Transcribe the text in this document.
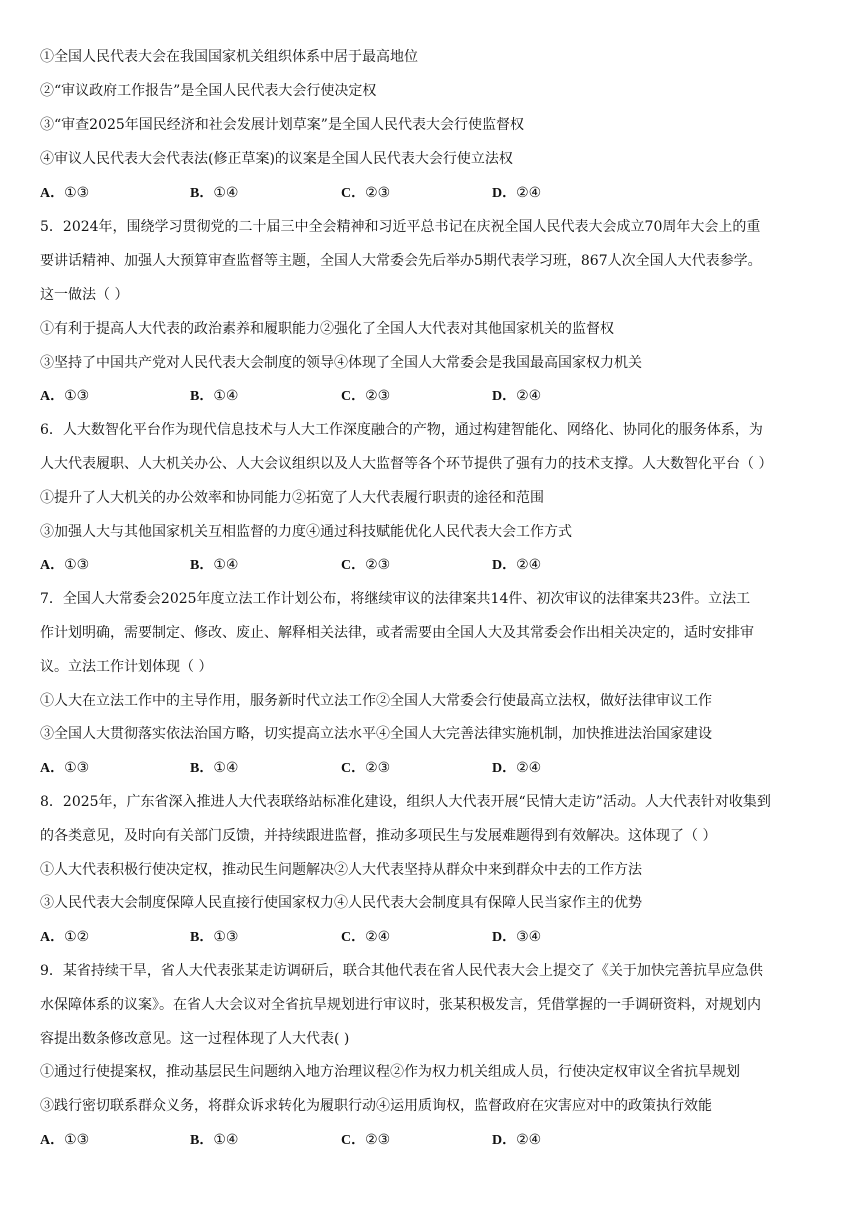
①全国人民代表大会在我国国家机关组织体系中居于最高地位
②“审议政府工作报告”是全国人民代表大会行使决定权
③“审查2025年国民经济和社会发展计划草案”是全国人民代表大会行使监督权
④审议人民代表大会代表法(修正草案)的议案是全国人民代表大会行使立法权
A．①③	B．①④	C．②③	D．②④
5．2024年，围绕学习贯彻党的二十届三中全会精神和习近平总书记在庆祝全国人民代表大会成立70周年大会上的重
要讲话精神、加强人大预算审查监督等主题，全国人大常委会先后举办5期代表学习班，867人次全国人大代表参学。
这一做法（ ）
①有利于提高人大代表的政治素养和履职能力②强化了全国人大代表对其他国家机关的监督权
③坚持了中国共产党对人民代表大会制度的领导④体现了全国人大常委会是我国最高国家权力机关
A．①③	B．①④	C．②③	D．②④
6．人大数智化平台作为现代信息技术与人大工作深度融合的产物，通过构建智能化、网络化、协同化的服务体系，为
人大代表履职、人大机关办公、人大会议组织以及人大监督等各个环节提供了强有力的技术支撑。人大数智化平台（ ）
①提升了人大机关的办公效率和协同能力②拓宽了人大代表履行职责的途径和范围
③加强人大与其他国家机关互相监督的力度④通过科技赋能优化人民代表大会工作方式
A．①③	B．①④	C．②③	D．②④
7．全国人大常委会2025年度立法工作计划公布，将继续审议的法律案共14件、初次审议的法律案共23件。立法工
作计划明确，需要制定、修改、废止、解释相关法律，或者需要由全国人大及其常委会作出相关决定的，适时安排审
议。立法工作计划体现（ ）
①人大在立法工作中的主导作用，服务新时代立法工作②全国人大常委会行使最高立法权，做好法律审议工作
③全国人大贯彻落实依法治国方略，切实提高立法水平④全国人大完善法律实施机制，加快推进法治国家建设
A．①③	B．①④	C．②③	D．②④
8．2025年，广东省深入推进人大代表联络站标准化建设，组织人大代表开展“民情大走访”活动。人大代表针对收集到
的各类意见，及时向有关部门反馈，并持续跟进监督，推动多项民生与发展难题得到有效解决。这体现了（ ）
①人大代表积极行使决定权，推动民生问题解决②人大代表坚持从群众中来到群众中去的工作方法
③人民代表大会制度保障人民直接行使国家权力④人民代表大会制度具有保障人民当家作主的优势
A．①②	B．①③	C．②④	D．③④
9．某省持续干旱，省人大代表张某走访调研后，联合其他代表在省人民代表大会上提交了《关于加快完善抗旱应急供
水保障体系的议案》。在省人大会议对全省抗旱规划进行审议时，张某积极发言，凭借掌握的一手调研资料，对规划内
容提出数条修改意见。这一过程体现了人大代表( )
①通过行使提案权，推动基层民生问题纳入地方治理议程②作为权力机关组成人员，行使决定权审议全省抗旱规划
③践行密切联系群众义务，将群众诉求转化为履职行动④运用质询权，监督政府在灾害应对中的政策执行效能
A．①③	B．①④	C．②③	D．②④
